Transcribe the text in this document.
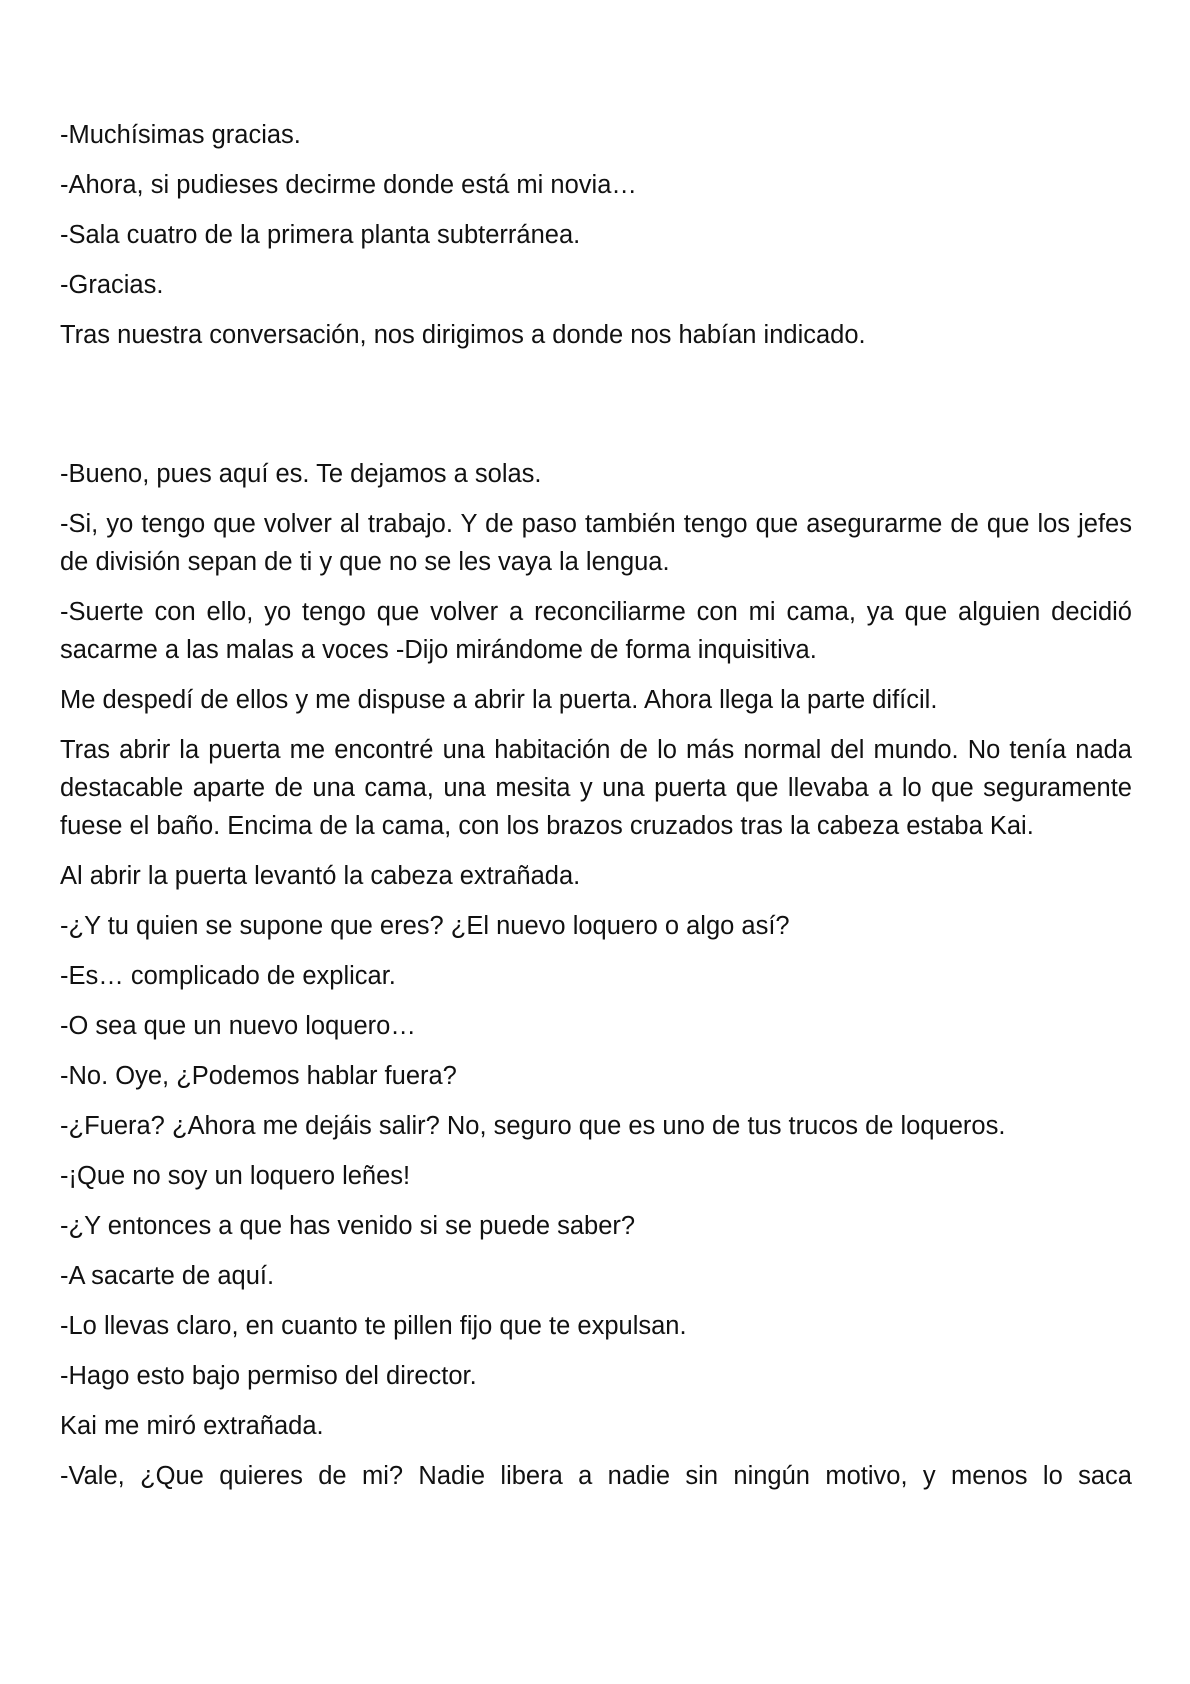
-Muchísimas gracias.

-Ahora, si pudieses decirme donde está mi novia…

-Sala cuatro de la primera planta subterránea.

-Gracias.

Tras nuestra conversación, nos dirigimos a donde nos habían indicado.

-Bueno, pues aquí es. Te dejamos a solas.

-Si, yo tengo que volver al trabajo. Y de paso también tengo que asegurarme de que los jefes de división sepan de ti y que no se les vaya la lengua.

-Suerte con ello, yo tengo que volver a reconciliarme con mi cama, ya que alguien decidió sacarme a las malas a voces -Dijo mirándome de forma inquisitiva.

Me despedí de ellos y me dispuse a abrir la puerta. Ahora llega la parte difícil.

Tras abrir la puerta me encontré una habitación de lo más normal del mundo. No tenía nada destacable aparte de una cama, una mesita y una puerta que llevaba a lo que seguramente fuese el baño. Encima de la cama, con los brazos cruzados tras la cabeza estaba Kai.

Al abrir la puerta levantó la cabeza extrañada.

-¿Y tu quien se supone que eres? ¿El nuevo loquero o algo así?

-Es… complicado de explicar.

-O sea que un nuevo loquero…

-No. Oye, ¿Podemos hablar fuera?

-¿Fuera? ¿Ahora me dejáis salir? No, seguro que es uno de tus trucos de loqueros.

-¡Que no soy un loquero leñes!

-¿Y entonces a que has venido si se puede saber?

-A sacarte de aquí.

-Lo llevas claro, en cuanto te pillen fijo que te expulsan.

-Hago esto bajo permiso del director.

Kai me miró extrañada.

-Vale, ¿Que quieres de mi? Nadie libera a nadie sin ningún motivo, y menos lo saca
